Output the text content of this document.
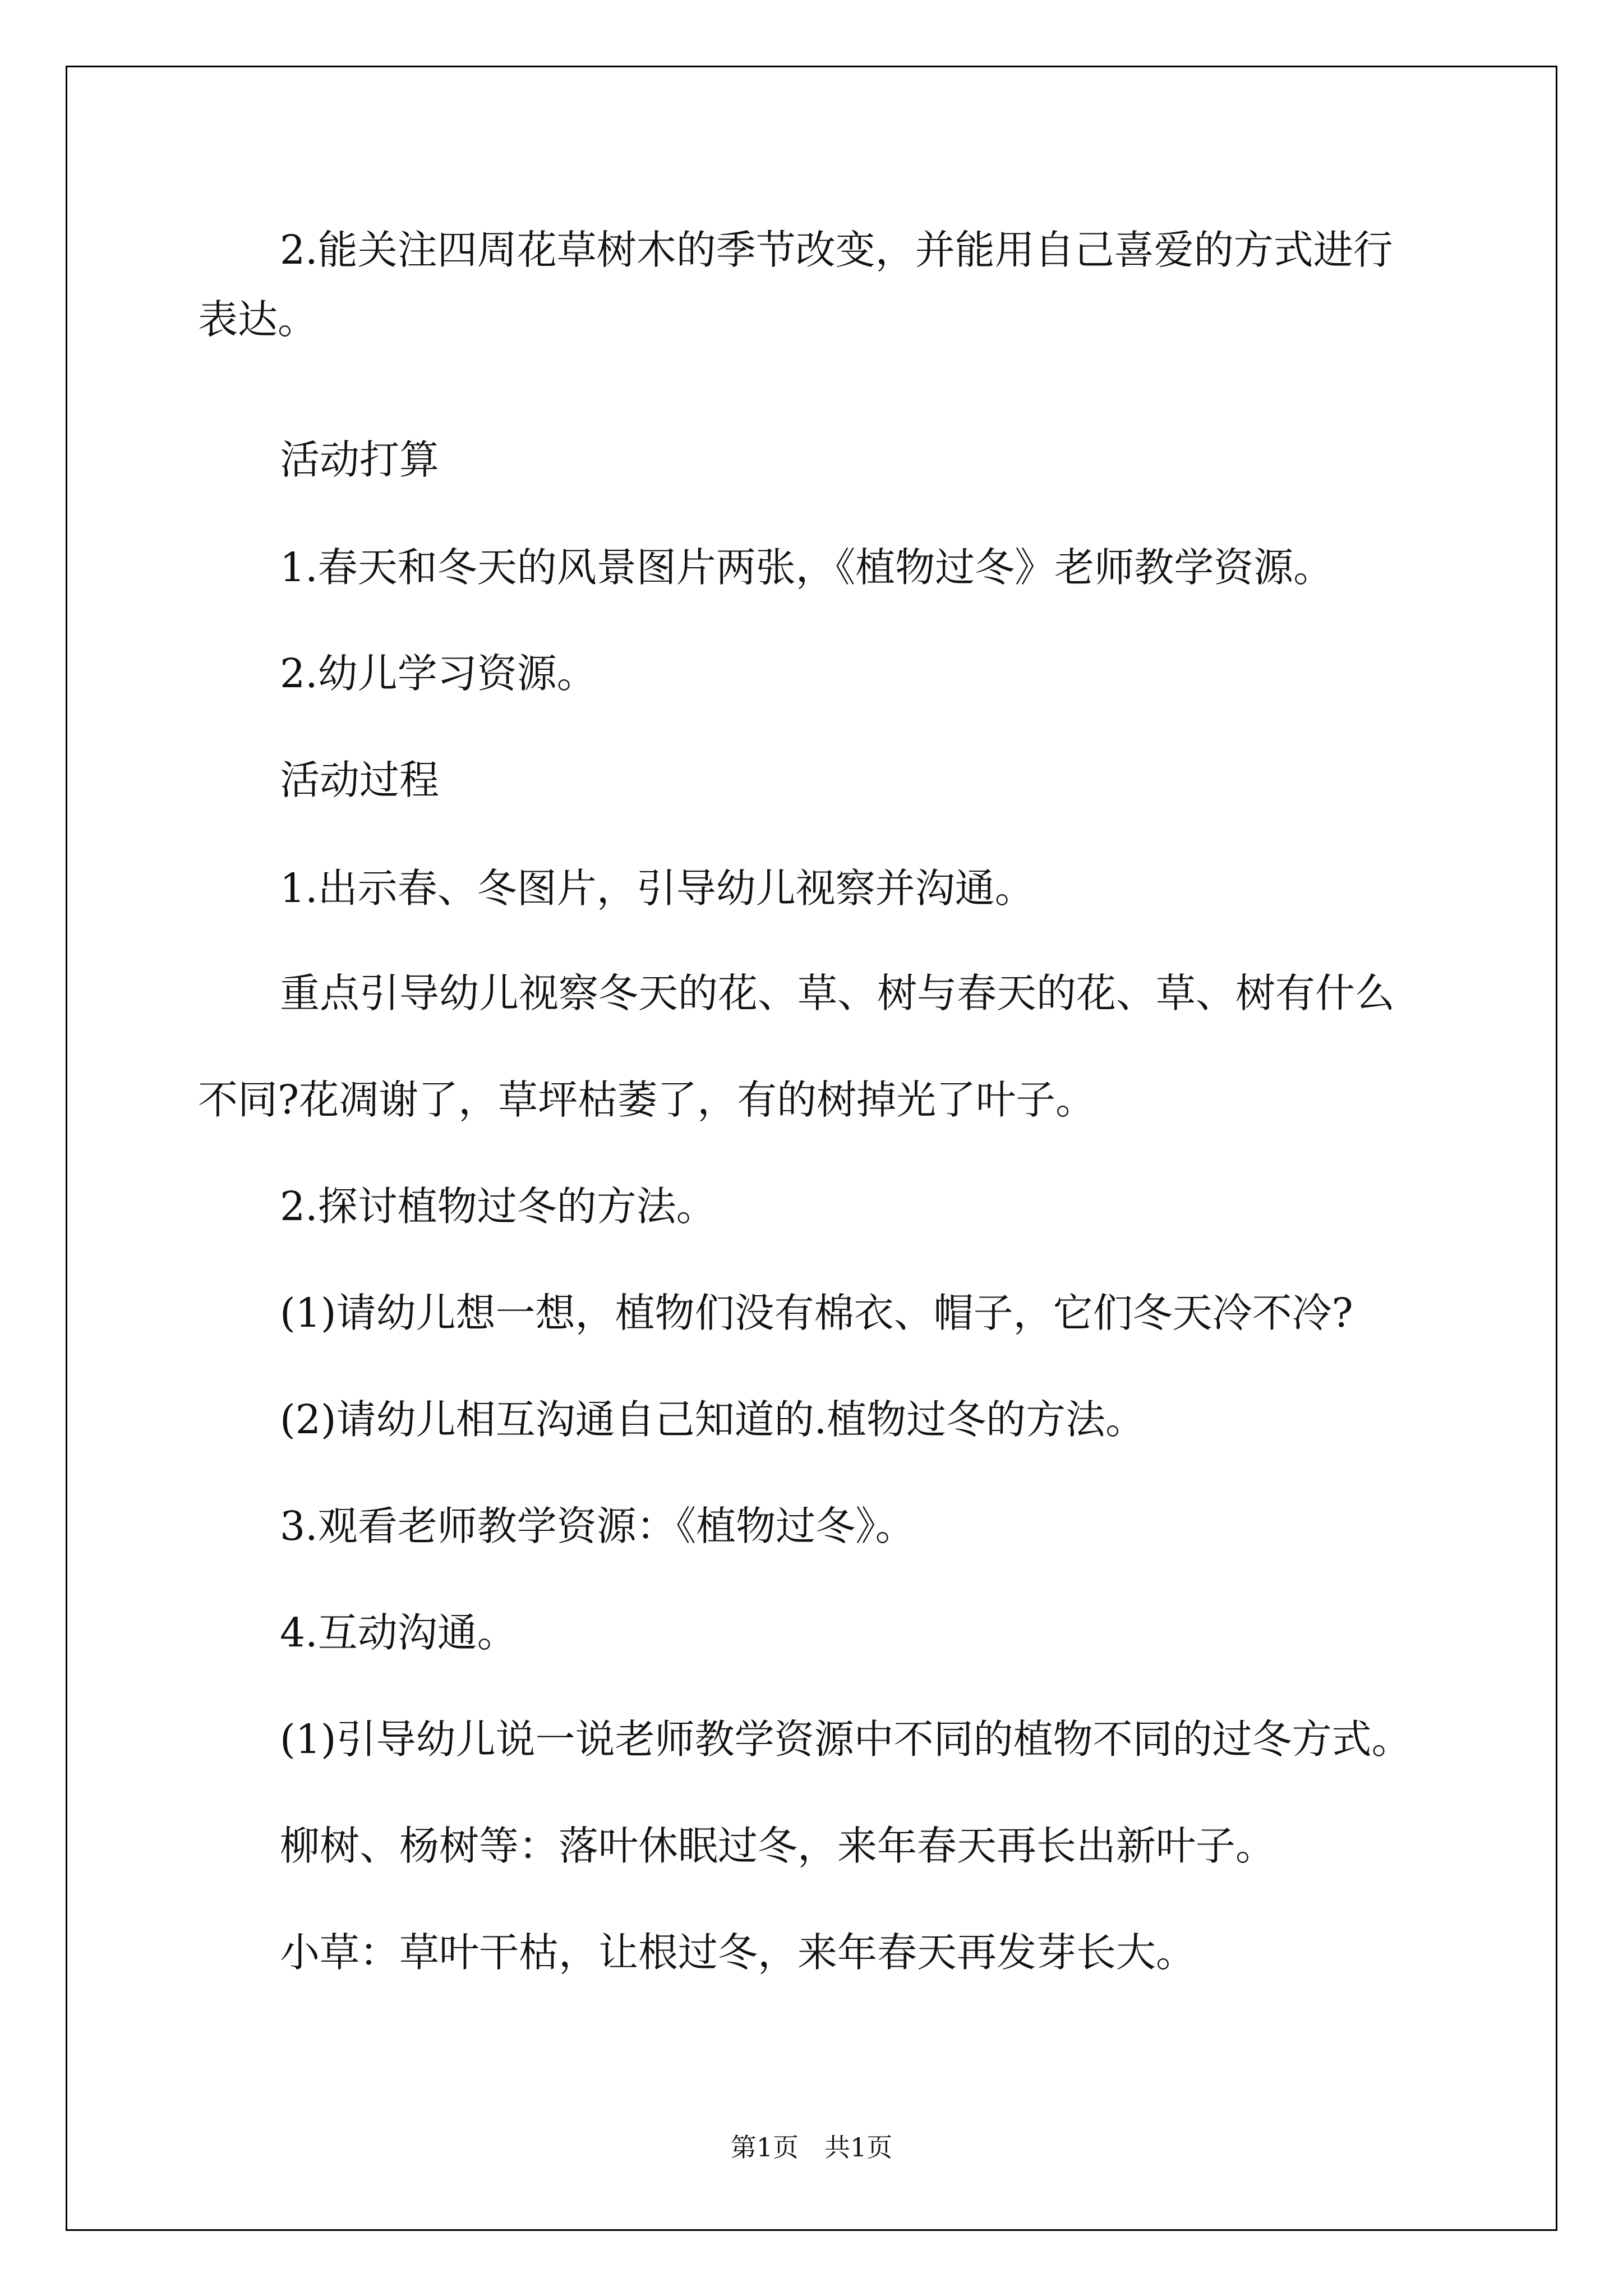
2.能关注四周花草树木的季节改变，并能用自己喜爱的方式进行
表达。
活动打算
1.春天和冬天的风景图片两张，《植物过冬》老师教学资源。
2.幼儿学习资源。
活动过程
1.出示春、冬图片，引导幼儿视察并沟通。
重点引导幼儿视察冬天的花、草、树与春天的花、草、树有什么
不同?花凋谢了，草坪枯萎了，有的树掉光了叶子。
2.探讨植物过冬的方法。
(1)请幼儿想一想，植物们没有棉衣、帽子，它们冬天冷不冷?
(2)请幼儿相互沟通自己知道的.植物过冬的方法。
3.观看老师教学资源：《植物过冬》。
4.互动沟通。
(1)引导幼儿说一说老师教学资源中不同的植物不同的过冬方式。
柳树、杨树等：落叶休眠过冬，来年春天再长出新叶子。
小草：草叶干枯，让根过冬，来年春天再发芽长大。
第1页　共1页
